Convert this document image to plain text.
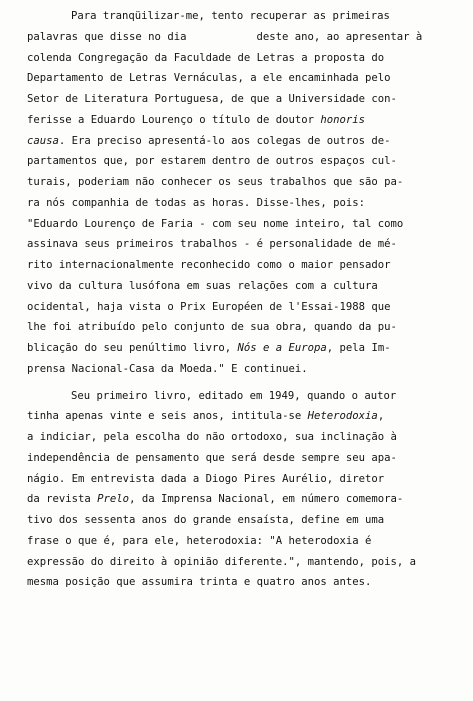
Para tranqüilizar-me, tento recuperar as primeiras
palavras que disse no dia	deste ano, ao apresentar à
colenda Congregação da Faculdade de Letras a proposta do
Departamento de Letras Vernáculas, a ele encaminhada pelo
Setor de Literatura Portuguesa, de que a Universidade con-
ferisse a Eduardo Lourenço o título de doutor honoris
causa. Era preciso apresentá-lo aos colegas de outros de-
partamentos que, por estarem dentro de outros espaços cul-
turais, poderiam não conhecer os seus trabalhos que são pa-
ra nós companhia de todas as horas. Disse-lhes, pois:
"Eduardo Lourenço de Faria - com seu nome inteiro, tal como
assinava seus primeiros trabalhos - é personalidade de mé-
rito internacionalmente reconhecido como o maior pensador
vivo da cultura lusófona em suas relações com a cultura
ocidental, haja vista o Prix Européen de l'Essai-1988 que
lhe foi atribuído pelo conjunto de sua obra, quando da pu-
blicação do seu penúltimo livro, Nós e a Europa, pela Im-
prensa Nacional-Casa da Moeda." E continuei.
Seu primeiro livro, editado em 1949, quando o autor
tinha apenas vinte e seis anos, intitula-se Heterodoxia,
a indiciar, pela escolha do não ortodoxo, sua inclinação à
independência de pensamento que será desde sempre seu apa-
nágio. Em entrevista dada a Diogo Pires Aurélio, diretor
da revista Prelo, da Imprensa Nacional, em número comemora-
tivo dos sessenta anos do grande ensaísta, define em uma
frase o que é, para ele, heterodoxia: "A heterodoxia é
expressão do direito à opinião diferente.", mantendo, pois, a
mesma posição que assumira trinta e quatro anos antes.
